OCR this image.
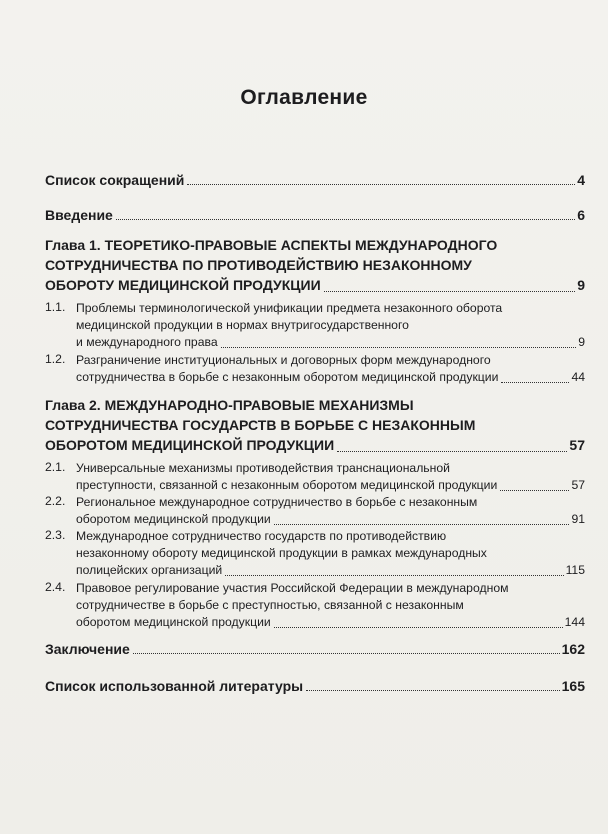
Оглавление
Список сокращений	4
Введение	6
Глава 1. ТЕОРЕТИКО-ПРАВОВЫЕ АСПЕКТЫ МЕЖДУНАРОДНОГО
СОТРУДНИЧЕСТВА ПО ПРОТИВОДЕЙСТВИЮ НЕЗАКОННОМУ
ОБОРОТУ МЕДИЦИНСКОЙ ПРОДУКЦИИ	9
1.1. Проблемы терминологической унификации предмета незаконного оборота
медицинской продукции в нормах внутригосударственного
и международного права	9
1.2. Разграничение институциональных и договорных форм международного
сотрудничества в борьбе с незаконным оборотом медицинской продукции	44
Глава 2. МЕЖДУНАРОДНО-ПРАВОВЫЕ МЕХАНИЗМЫ
СОТРУДНИЧЕСТВА ГОСУДАРСТВ В БОРЬБЕ С НЕЗАКОННЫМ
ОБОРОТОМ МЕДИЦИНСКОЙ ПРОДУКЦИИ	57
2.1. Универсальные механизмы противодействия транснациональной
преступности, связанной с незаконным оборотом медицинской продукции	57
2.2. Региональное международное сотрудничество в борьбе с незаконным
оборотом медицинской продукции	91
2.3. Международное сотрудничество государств по противодействию
незаконному обороту медицинской продукции в рамках международных
полицейских организаций	115
2.4. Правовое регулирование участия Российской Федерации в международном
сотрудничестве в борьбе с преступностью, связанной с незаконным
оборотом медицинской продукции	144
Заключение	162
Список использованной литературы	165
